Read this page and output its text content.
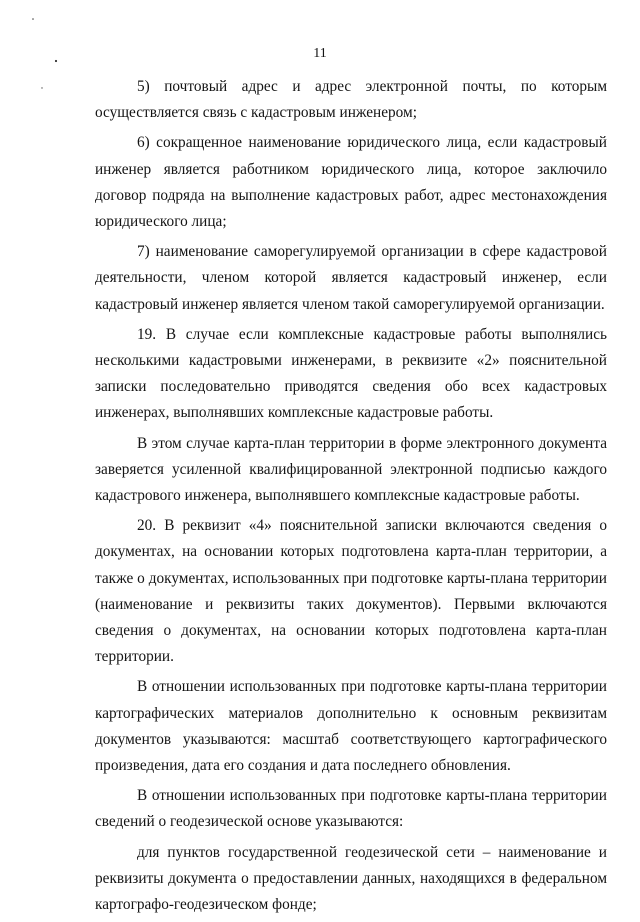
11

5) почтовый адрес и адрес электронной почты, по которым осуществляется связь с кадастровым инженером;

6) сокращенное наименование юридического лица, если кадастровый инженер является работником юридического лица, которое заключило договор подряда на выполнение кадастровых работ, адрес местонахождения юридического лица;

7) наименование саморегулируемой организации в сфере кадастровой деятельности, членом которой является кадастровый инженер, если кадастровый инженер является членом такой саморегулируемой организации.

19. В случае если комплексные кадастровые работы выполнялись несколькими кадастровыми инженерами, в реквизите «2» пояснительной записки последовательно приводятся сведения обо всех кадастровых инженерах, выполнявших комплексные кадастровые работы.

В этом случае карта-план территории в форме электронного документа заверяется усиленной квалифицированной электронной подписью каждого кадастрового инженера, выполнявшего комплексные кадастровые работы.

20. В реквизит «4» пояснительной записки включаются сведения о документах, на основании которых подготовлена карта-план территории, а также о документах, использованных при подготовке карты-плана территории (наименование и реквизиты таких документов). Первыми включаются сведения о документах, на основании которых подготовлена карта-план территории.

В отношении использованных при подготовке карты-плана территории картографических материалов дополнительно к основным реквизитам документов указываются: масштаб соответствующего картографического произведения, дата его создания и дата последнего обновления.

В отношении использованных при подготовке карты-плана территории сведений о геодезической основе указываются:

для пунктов государственной геодезической сети – наименование и реквизиты документа о предоставлении данных, находящихся в федеральном картографо-геодезическом фонде;
